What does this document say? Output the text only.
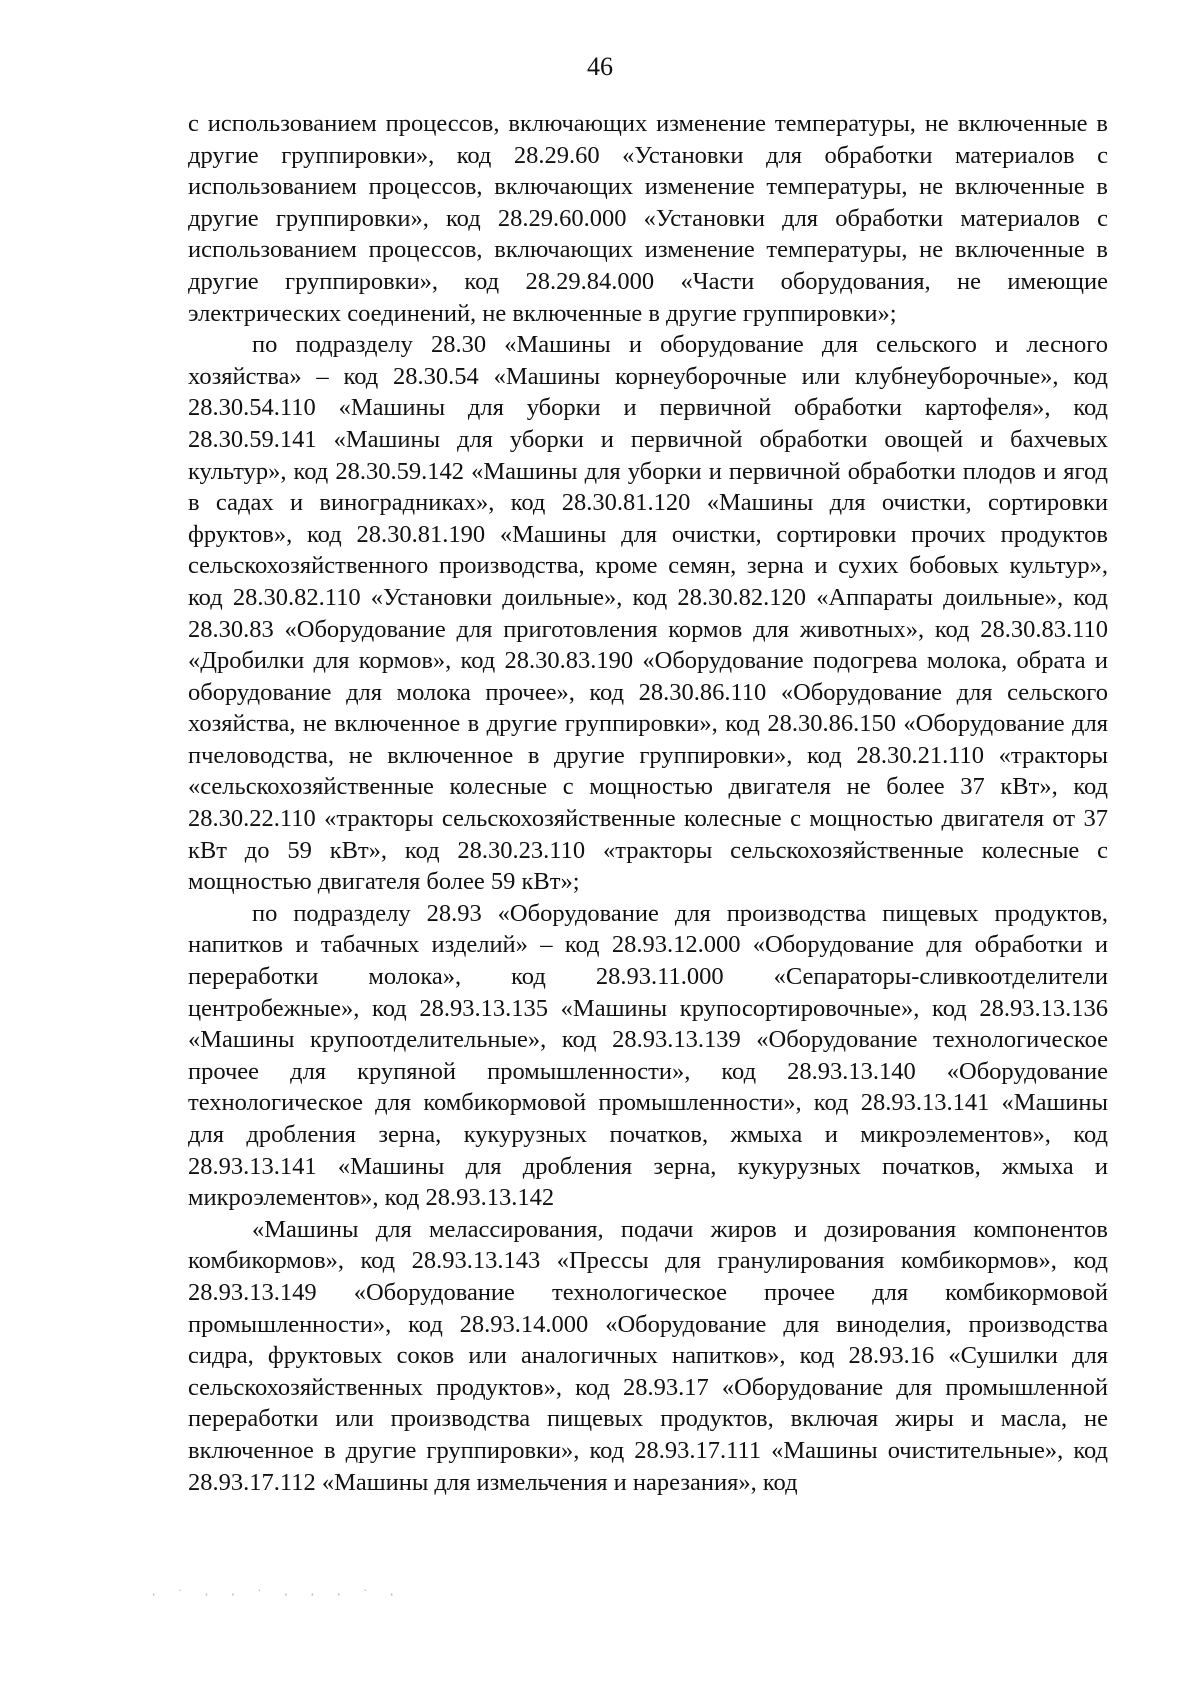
46

с использованием процессов, включающих изменение температуры, не включенные в другие группировки», код 28.29.60 «Установки для обработки материалов с использованием процессов, включающих изменение температуры, не включенные в другие группировки», код 28.29.60.000 «Установки для обработки материалов с использованием процессов, включающих изменение температуры, не включенные в другие группировки», код 28.29.84.000 «Части оборудования, не имеющие электрических соединений, не включенные в другие группировки»;

по подразделу 28.30 «Машины и оборудование для сельского и лесного хозяйства» – код 28.30.54 «Машины корнеуборочные или клубнеуборочные», код 28.30.54.110 «Машины для уборки и первичной обработки картофеля», код 28.30.59.141 «Машины для уборки и первичной обработки овощей и бахчевых культур», код 28.30.59.142 «Машины для уборки и первичной обработки плодов и ягод в садах и виноградниках», код 28.30.81.120 «Машины для очистки, сортировки фруктов», код 28.30.81.190 «Машины для очистки, сортировки прочих продуктов сельскохозяйственного производства, кроме семян, зерна и сухих бобовых культур», код 28.30.82.110 «Установки доильные», код 28.30.82.120 «Аппараты доильные», код 28.30.83 «Оборудование для приготовления кормов для животных», код 28.30.83.110 «Дробилки для кормов», код 28.30.83.190 «Оборудование подогрева молока, обрата и оборудование для молока прочее», код 28.30.86.110 «Оборудование для сельского хозяйства, не включенное в другие группировки», код 28.30.86.150 «Оборудование для пчеловодства, не включенное в другие группировки», код 28.30.21.110 «тракторы «сельскохозяйственные колесные с мощностью двигателя не более 37 кВт», код 28.30.22.110 «тракторы сельскохозяйственные колесные с мощностью двигателя от 37 кВт до 59 кВт», код 28.30.23.110 «тракторы сельскохозяйственные колесные с мощностью двигателя более 59 кВт»;

по подразделу 28.93 «Оборудование для производства пищевых продуктов, напитков и табачных изделий» – код 28.93.12.000 «Оборудование для обработки и переработки молока», код 28.93.11.000 «Сепараторы-сливкоотделители центробежные», код 28.93.13.135 «Машины крупосортировочные», код 28.93.13.136 «Машины крупоотделительные», код 28.93.13.139 «Оборудование технологическое прочее для крупяной промышленности», код 28.93.13.140 «Оборудование технологическое для комбикормовой промышленности», код 28.93.13.141 «Машины для дробления зерна, кукурузных початков, жмыха и микроэлементов», код 28.93.13.141 «Машины для дробления зерна, кукурузных початков, жмыха и микроэлементов», код 28.93.13.142

«Машины для мелассирования, подачи жиров и дозирования компонентов комбикормов», код 28.93.13.143 «Прессы для гранулирования комбикормов», код 28.93.13.149 «Оборудование технологическое прочее для комбикормовой промышленности», код 28.93.14.000 «Оборудование для виноделия, производства сидра, фруктовых соков или аналогичных напитков», код 28.93.16 «Сушилки для сельскохозяйственных продуктов», код 28.93.17 «Оборудование для промышленной переработки или производства пищевых продуктов, включая жиры и масла, не включенное в другие группировки», код 28.93.17.111 «Машины очистительные», код 28.93.17.112 «Машины для измельчения и нарезания», код

· ˙ · · ˙ · · · ˙ ·
